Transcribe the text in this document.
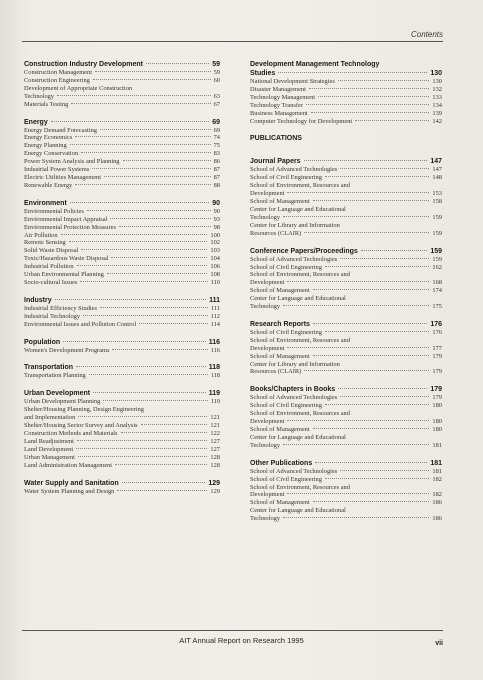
Contents
Construction Industry Development	59
Construction Management	59
Construction Engineering	60
Development of Appropriate Construction
Technology	63
Materials Testing	67
Energy	69
Energy Demand Forecasting	69
Energy Economics	74
Energy Planning	75
Energy Conservation	83
Power System Analysis and Planning	86
Industrial Power Systems	87
Electric Utilities Management	87
Renewable Energy	88
Environment	90
Environmental Policies	90
Environmental Impact Appraisal	93
Environmental Protection Measures	98
Air Pollution	100
Remote Sensing	102
Solid Waste Disposal	103
Toxic/Hazardous Waste Disposal	104
Industrial Pollution	106
Urban Environmental Planning	108
Socio-cultural Issues	110
Industry	111
Industrial Efficiency Studies	111
Industrial Technology	112
Environmental Issues and Pollution Control	114
Population	116
Women's Development Programs	116
Transportation	118
Transportation Planning	118
Urban Development	119
Urban Development Planning	119
Shelter/Housing Planning, Design Engineering
and Implementation	121
Shelter/Housing Sector Survey and Analysis	121
Construction Methods and Materials	122
Land Readjustment	127
Land Development	127
Urban Management	128
Land Administration Management	128
Water Supply and Sanitation	129
Water System Planning and Design	129
Development Management Technology
Studies	130
National Development Strategies	130
Disaster Management	132
Technology Management	133
Technology Transfer	134
Business Management	139
Computer Technology for Development	142
PUBLICATIONS
Journal Papers	147
School of Advanced Technologies	147
School of Civil Engineering	148
School of Environment, Resources and
Development	153
School of Management	158
Center for Language and Educational
Technology	159
Center for Library and Information
Resources (CLAIR)	159
Conference Papers/Proceedings	159
School of Advanced Technologies	159
School of Civil Engineering	162
School of Environment, Resources and
Development	168
School of Management	174
Center for Language and Educational
Technology	175
Research Reports	176
School of Civil Engineering	176
School of Environment, Resources and
Development	177
School of Management	179
Center for Library and Information
Resources (CLAIR)	179
Books/Chapters in Books	179
School of Advanced Technologies	179
School of Civil Engineering	180
School of Environment, Resources and
Development	180
School of Management	180
Center for Language and Educational
Technology	181
Other Publications	181
School of Advanced Technologies	181
School of Civil Engineering	182
School of Environment, Resources and
Development	182
School of Management	186
Center for Language and Educational
Technology	186
AIT Annual Report on Research 1995	vii
